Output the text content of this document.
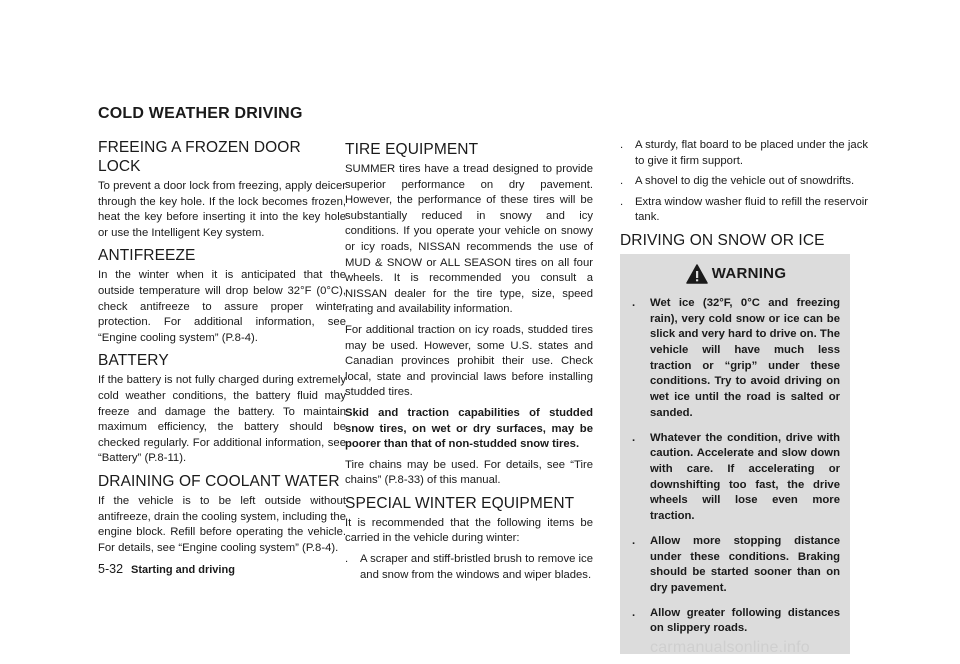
COLD WEATHER DRIVING
FREEING A FROZEN DOOR LOCK

To prevent a door lock from freezing, apply deicer through the key hole. If the lock becomes frozen, heat the key before inserting it into the key hole or use the Intelligent Key system.

ANTIFREEZE

In the winter when it is anticipated that the outside temperature will drop below 32°F (0°C), check antifreeze to assure proper winter protection. For additional information, see “Engine cooling system” (P.8-4).

BATTERY

If the battery is not fully charged during extremely cold weather conditions, the battery fluid may freeze and damage the battery. To maintain maximum efficiency, the battery should be checked regularly. For additional information, see “Battery” (P.8-11).

DRAINING OF COOLANT WATER

If the vehicle is to be left outside without antifreeze, drain the cooling system, including the engine block. Refill before operating the vehicle. For details, see “Engine cooling system” (P.8-4).

TIRE EQUIPMENT

SUMMER tires have a tread designed to provide superior performance on dry pavement. However, the performance of these tires will be substantially reduced in snowy and icy conditions. If you operate your vehicle on snowy or icy roads, NISSAN recommends the use of MUD & SNOW or ALL SEASON tires on all four wheels. It is recommended you consult a NISSAN dealer for the tire type, size, speed rating and availability information.

For additional traction on icy roads, studded tires may be used. However, some U.S. states and Canadian provinces prohibit their use. Check local, state and provincial laws before installing studded tires.

Skid and traction capabilities of studded snow tires, on wet or dry surfaces, may be poorer than that of non-studded snow tires.

Tire chains may be used. For details, see “Tire chains” (P.8-33) of this manual.

SPECIAL WINTER EQUIPMENT

It is recommended that the following items be carried in the vehicle during winter:

. A scraper and stiff-bristled brush to remove ice and snow from the windows and wiper blades.
. A sturdy, flat board to be placed under the jack to give it firm support.
. A shovel to dig the vehicle out of snowdrifts.
. Extra window washer fluid to refill the reservoir tank.
DRIVING ON SNOW OR ICE
WARNING
. Wet ice (32°F, 0°C and freezing rain), very cold snow or ice can be slick and very hard to drive on. The vehicle will have much less traction or “grip” under these conditions. Try to avoid driving on wet ice until the road is salted or sanded.
. Whatever the condition, drive with caution. Accelerate and slow down with care. If accelerating or downshifting too fast, the drive wheels will lose even more traction.
. Allow more stopping distance under these conditions. Braking should be started sooner than on dry pavement.
. Allow greater following distances on slippery roads.
5-32 Starting and driving
carmanualsonline.info
